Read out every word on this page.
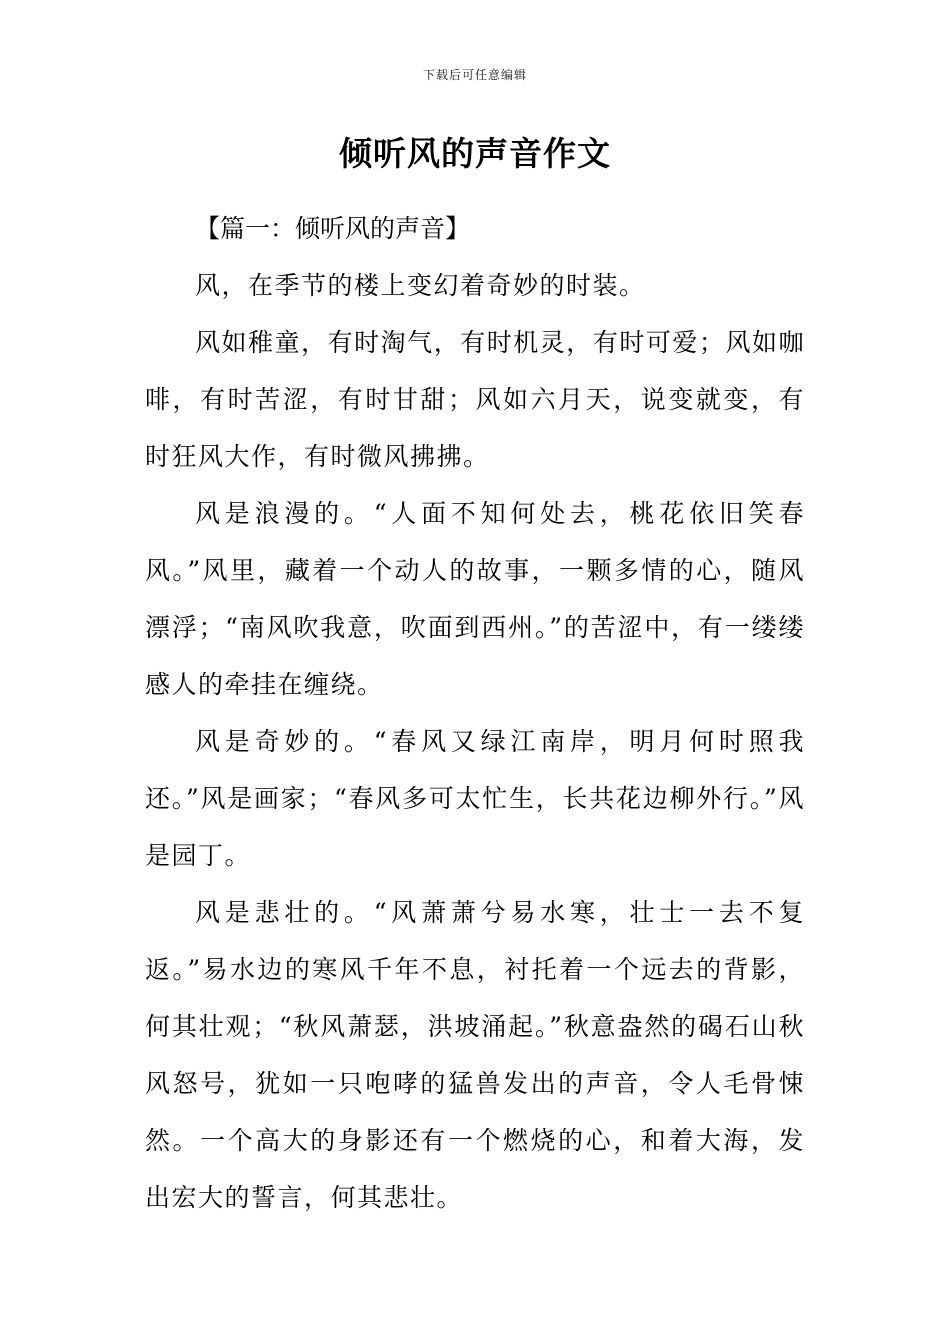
下载后可任意编辑
倾听风的声音作文

【篇一：倾听风的声音】

风，在季节的楼上变幻着奇妙的时装。

风如稚童，有时淘气，有时机灵，有时可爱；风如咖啡，有时苦涩，有时甘甜；风如六月天，说变就变，有时狂风大作，有时微风拂拂。

风是浪漫的。“人面不知何处去，桃花依旧笑春风。”风里，藏着一个动人的故事，一颗多情的心，随风漂浮；“南风吹我意，吹面到西州。”的苦涩中，有一缕缕感人的牵挂在缠绕。

风是奇妙的。“春风又绿江南岸，明月何时照我还。”风是画家；“春风多可太忙生，长共花边柳外行。”风是园丁。

风是悲壮的。“风萧萧兮易水寒，壮士一去不复返。”易水边的寒风千年不息，衬托着一个远去的背影，何其壮观；“秋风萧瑟，洪坡涌起。”秋意盎然的碣石山秋风怒号，犹如一只咆哮的猛兽发出的声音，令人毛骨悚然。一个高大的身影还有一个燃烧的心，和着大海，发出宏大的誓言，何其悲壮。
